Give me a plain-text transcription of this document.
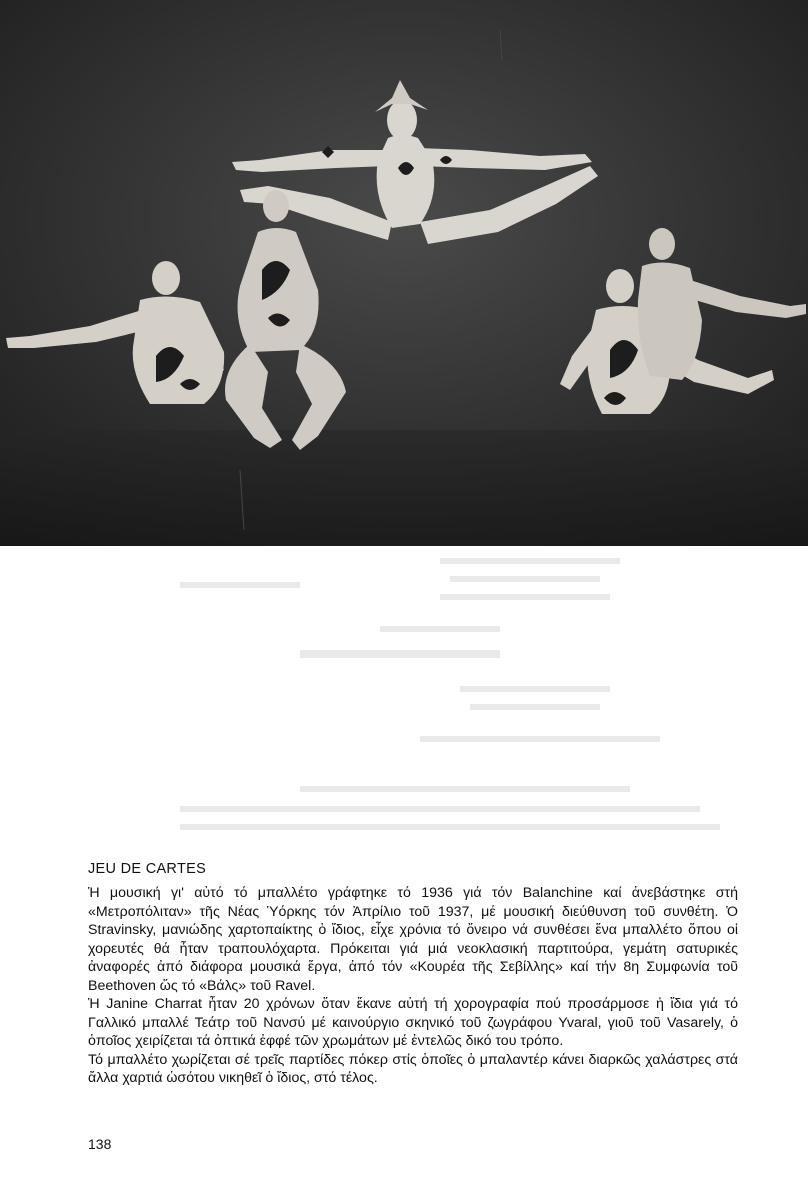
JEU DE CARTES

Ἡ μουσική γι' αὐτό τό μπαλλέτο γράφτηκε τό 1936 γιά τόν Balanchine καί ἀνεβάστηκε στή «Μετροπόλιταν» τῆς Νέας Ὑόρκης τόν Ἀπρίλιο τοῦ 1937, μέ μουσική διεύθυνση τοῦ συνθέτη. Ὁ Stravinsky, μανιώδης χαρτοπαίκτης ὁ ἴδιος, εἶχε χρόνια τό ὄνειρο νά συνθέσει ἕνα μπαλλέτο ὅπου οἱ χορευτές θά ἦταν τραπουλόχαρτα. Πρόκειται γιά μιά νεοκλασική παρτιτούρα, γεμάτη σατυρικές ἀναφορές ἀπό διάφορα μουσικά ἔργα, ἀπό τόν «Κουρέα τῆς Σεβίλλης» καί τήν 8η Συμφωνία τοῦ Beethoven ὥς τό «Βάλς» τοῦ Ravel.

Ἡ Janine Charrat ἦταν 20 χρόνων ὅταν ἔκανε αὐτή τή χορογραφία πού προσάρμοσε ἡ ἴδια γιά τό Γαλλικό μπαλλέ Τεάτρ τοῦ Νανσύ μέ καινούργιο σκηνικό τοῦ ζωγράφου Yvaral, γιοῦ τοῦ Vasarely, ὁ ὁποῖος χειρίζεται τά ὀπτικά ἐφφέ τῶν χρωμάτων μέ ἐντελῶς δικό του τρόπο.

Τό μπαλλέτο χωρίζεται σέ τρεῖς παρτίδες πόκερ στίς ὁποῖες ὁ μπαλαντέρ κάνει διαρκῶς χαλάστρες στά ἄλλα χαρτιά ὡσότου νικηθεῖ ὁ ἴδιος, στό τέλος.

138
